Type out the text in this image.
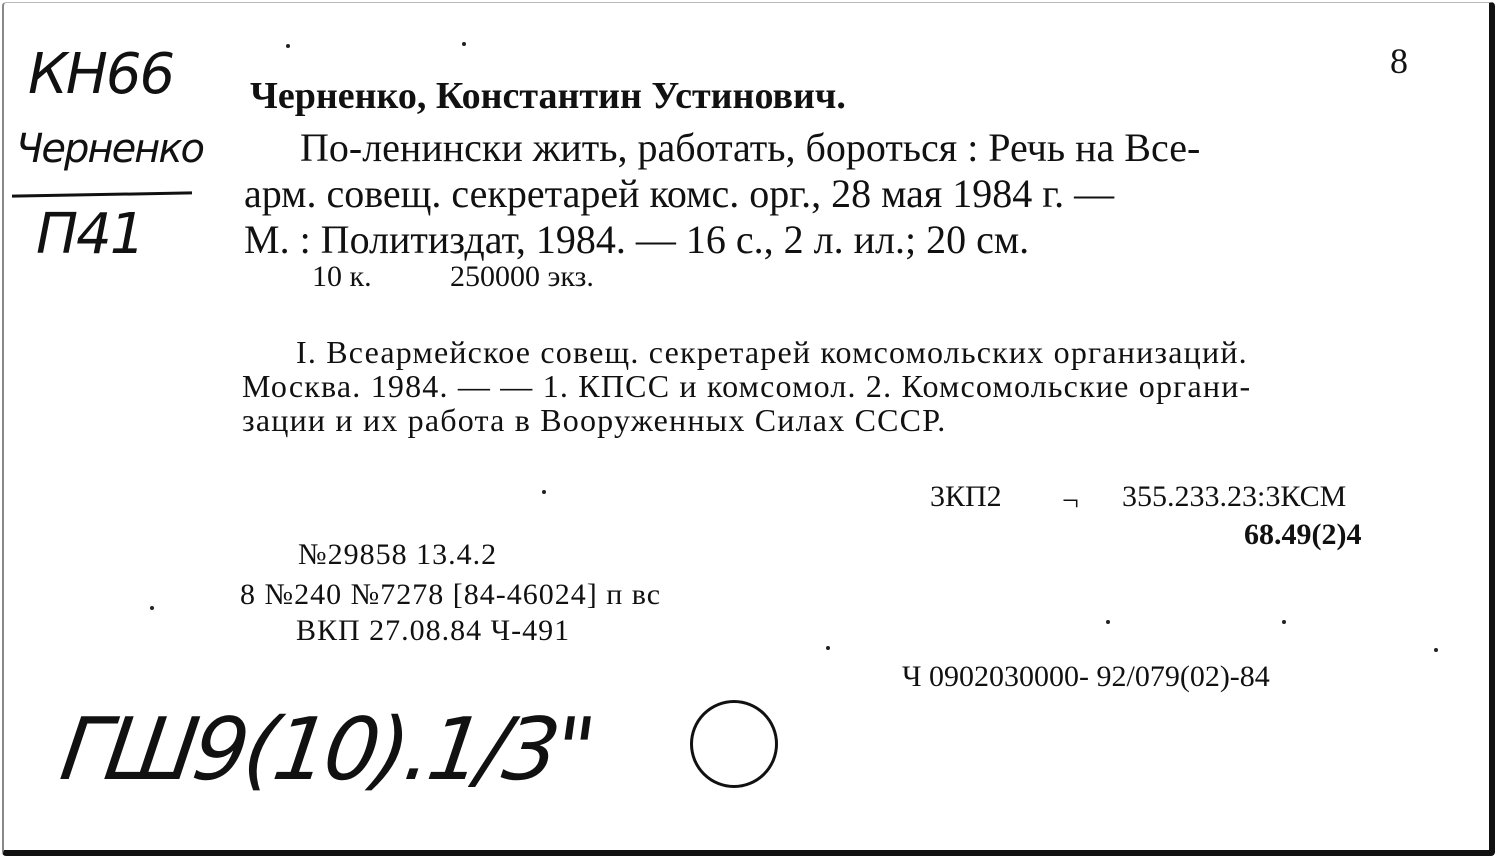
8
КН66
Черненко
П41
ГШ9(10).1/3"
Черненко, Константин Устинович.
По-ленински жить, работать, бороться : Речь на Все-
арм. совещ. секретарей комс. орг., 28 мая 1984 г. —
М. : Политиздат, 1984. — 16 с., 2 л. ил.; 20 см.
10 к.	250000 экз.
I. Всеармейское совещ. секретарей комсомольских организаций.
Москва. 1984. — — 1. КПСС и комсомол. 2. Комсомольские органи-
зации и их работа в Вооруженных Силах СССР.
3КП2 ¬ 355.233.23:3КСМ
68.49(2)4
№29858 13.4.2
8 №240 №7278 [84-46024] п вс
ВКП 27.08.84 Ч-491
Ч 0902030000- 92/079(02)-84
